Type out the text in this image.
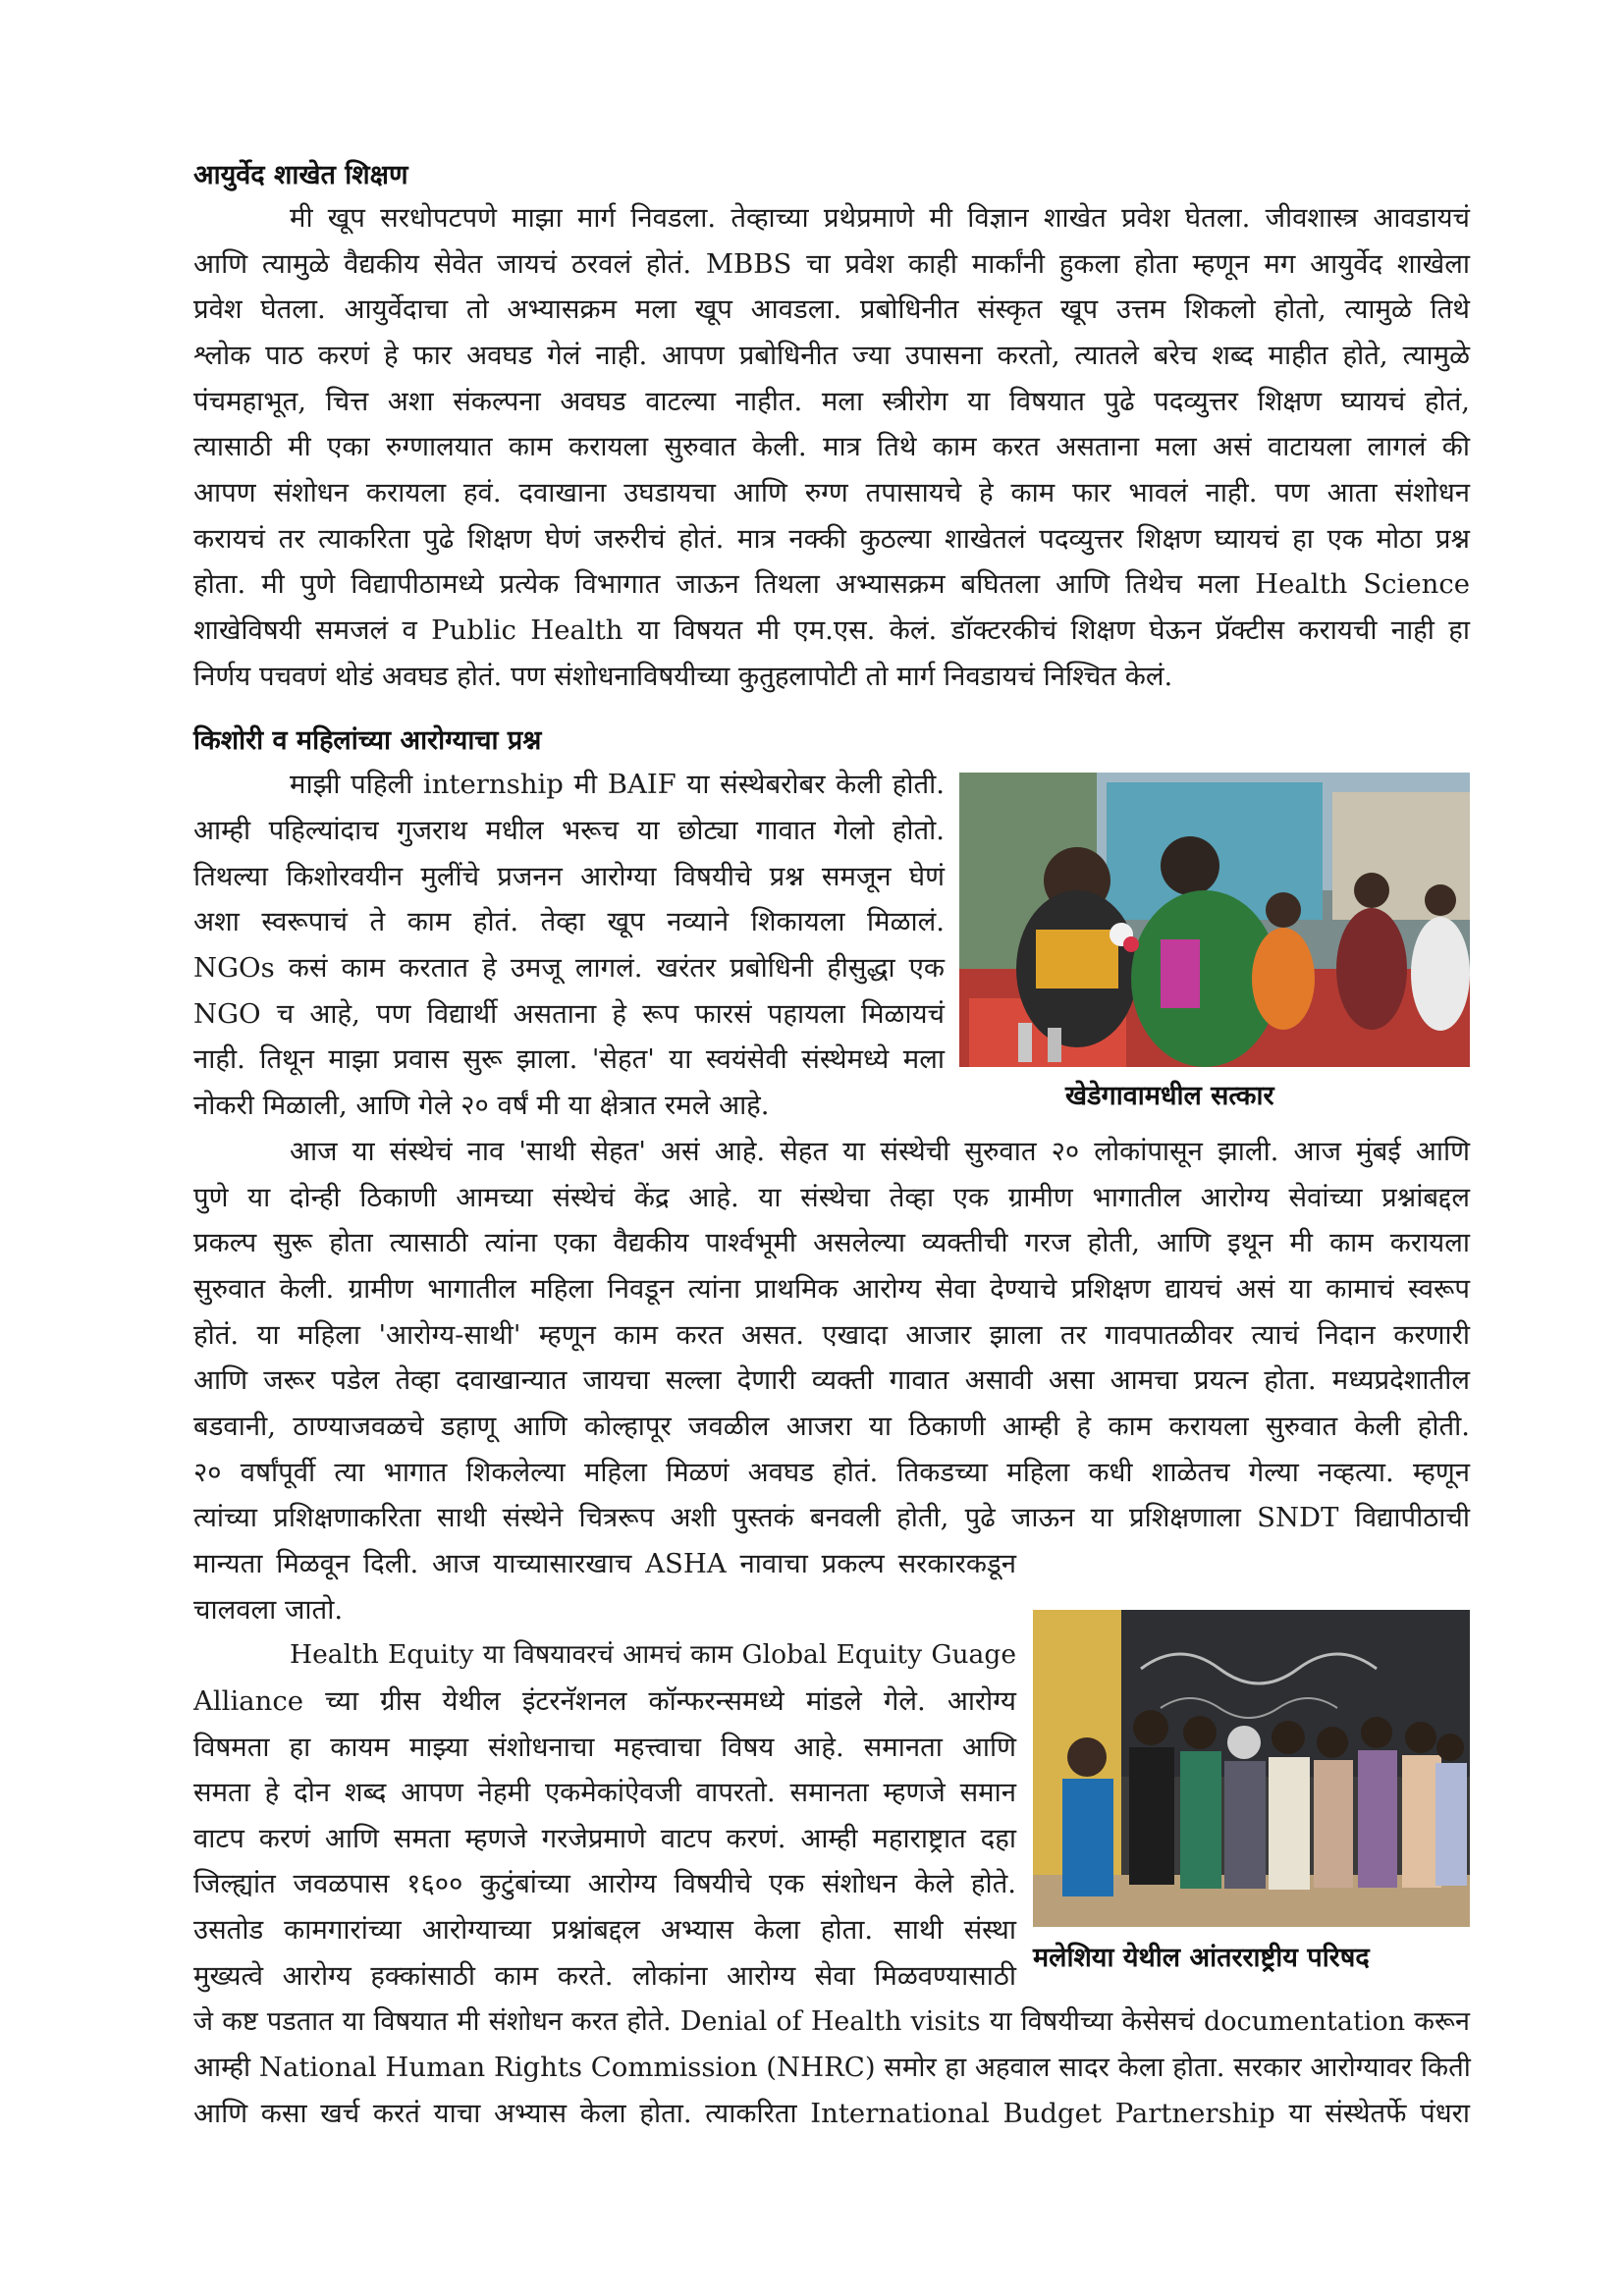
आयुर्वेद शाखेत शिक्षण
मी खूप सरधोपटपणे माझा मार्ग निवडला. तेव्हाच्या प्रथेप्रमाणे मी विज्ञान शाखेत प्रवेश घेतला. जीवशास्त्र आवडायचं
आणि त्यामुळे वैद्यकीय सेवेत जायचं ठरवलं होतं. MBBS चा प्रवेश काही मार्कांनी हुकला होता म्हणून मग आयुर्वेद शाखेला
प्रवेश घेतला. आयुर्वेदाचा तो अभ्यासक्रम मला खूप आवडला. प्रबोधिनीत संस्कृत खूप उत्तम शिकलो होतो, त्यामुळे तिथे
श्लोक पाठ करणं हे फार अवघड गेलं नाही. आपण प्रबोधिनीत ज्या उपासना करतो, त्यातले बरेच शब्द माहीत होते, त्यामुळे
पंचमहाभूत, चित्त अशा संकल्पना अवघड वाटल्या नाहीत. मला स्त्रीरोग या विषयात पुढे पदव्युत्तर शिक्षण घ्यायचं होतं,
त्यासाठी मी एका रुग्णालयात काम करायला सुरुवात केली. मात्र तिथे काम करत असताना मला असं वाटायला लागलं की
आपण संशोधन करायला हवं. दवाखाना उघडायचा आणि रुग्ण तपासायचे हे काम फार भावलं नाही. पण आता संशोधन
करायचं तर त्याकरिता पुढे शिक्षण घेणं जरुरीचं होतं. मात्र नक्की कुठल्या शाखेतलं पदव्युत्तर शिक्षण घ्यायचं हा एक मोठा प्रश्न
होता. मी पुणे विद्यापीठामध्ये प्रत्येक विभागात जाऊन तिथला अभ्यासक्रम बघितला आणि तिथेच मला Health Science
शाखेविषयी समजलं व Public Health या विषयत मी एम.एस. केलं. डॉक्टरकीचं शिक्षण घेऊन प्रॅक्टीस करायची नाही हा
निर्णय पचवणं थोडं अवघड होतं. पण संशोधनाविषयीच्या कुतुहलापोटी तो मार्ग निवडायचं निश्चित केलं.
किशोरी व महिलांच्या आरोग्याचा प्रश्न
माझी पहिली internship मी BAIF या संस्थेबरोबर केली होती.
आम्ही पहिल्यांदाच गुजराथ मधील भरूच या छोट्या गावात गेलो होतो.
तिथल्या किशोरवयीन मुलींचे प्रजनन आरोग्या विषयीचे प्रश्न समजून घेणं
अशा स्वरूपाचं ते काम होतं. तेव्हा खूप नव्याने शिकायला मिळालं.
NGOs कसं काम करतात हे उमजू लागलं. खरंतर प्रबोधिनी हीसुद्धा एक
NGO च आहे, पण विद्यार्थी असताना हे रूप फारसं पहायला मिळायचं
नाही. तिथून माझा प्रवास सुरू झाला. 'सेहत' या स्वयंसेवी संस्थेमध्ये मला
नोकरी मिळाली, आणि गेले २० वर्षं मी या क्षेत्रात रमले आहे.	खेडेगावामधील सत्कार
आज या संस्थेचं नाव 'साथी सेहत' असं आहे. सेहत या संस्थेची सुरुवात २० लोकांपासून झाली. आज मुंबई आणि
पुणे या दोन्ही ठिकाणी आमच्या संस्थेचं केंद्र आहे. या संस्थेचा तेव्हा एक ग्रामीण भागातील आरोग्य सेवांच्या प्रश्नांबद्दल
प्रकल्प सुरू होता त्यासाठी त्यांना एका वैद्यकीय पार्श्वभूमी असलेल्या व्यक्तीची गरज होती, आणि इथून मी काम करायला
सुरुवात केली. ग्रामीण भागातील महिला निवडून त्यांना प्राथमिक आरोग्य सेवा देण्याचे प्रशिक्षण द्यायचं असं या कामाचं स्वरूप
होतं. या महिला 'आरोग्य-साथी' म्हणून काम करत असत. एखादा आजार झाला तर गावपातळीवर त्याचं निदान करणारी
आणि जरूर पडेल तेव्हा दवाखान्यात जायचा सल्ला देणारी व्यक्ती गावात असावी असा आमचा प्रयत्न होता. मध्यप्रदेशातील
बडवानी, ठाण्याजवळचे डहाणू आणि कोल्हापूर जवळील आजरा या ठिकाणी आम्ही हे काम करायला सुरुवात केली होती.
२० वर्षांपूर्वी त्या भागात शिकलेल्या महिला मिळणं अवघड होतं. तिकडच्या महिला कधी शाळेतच गेल्या नव्हत्या. म्हणून
त्यांच्या प्रशिक्षणाकरिता साथी संस्थेने चित्ररूप अशी पुस्तकं बनवली होती, पुढे जाऊन या प्रशिक्षणाला SNDT विद्यापीठाची
मान्यता मिळवून दिली. आज याच्यासारखाच ASHA नावाचा प्रकल्प सरकारकडून
चालवला जातो.
Health Equity या विषयावरचं आमचं काम Global Equity Guage
Alliance च्या ग्रीस येथील इंटरनॅशनल कॉन्फरन्समध्ये मांडले गेले. आरोग्य
विषमता हा कायम माझ्या संशोधनाचा महत्त्वाचा विषय आहे. समानता आणि
समता हे दोन शब्द आपण नेहमी एकमेकांऐवजी वापरतो. समानता म्हणजे समान
वाटप करणं आणि समता म्हणजे गरजेप्रमाणे वाटप करणं. आम्ही महाराष्ट्रात दहा
जिल्ह्यांत जवळपास १६०० कुटुंबांच्या आरोग्य विषयीचे एक संशोधन केले होते.
उसतोड कामगारांच्या आरोग्याच्या प्रश्नांबद्दल अभ्यास केला होता. साथी संस्था
मुख्यत्वे आरोग्य हक्कांसाठी काम करते. लोकांना आरोग्य सेवा मिळवण्यासाठी
मलेशिया येथील आंतरराष्ट्रीय परिषद
जे कष्ट पडतात या विषयात मी संशोधन करत होते. Denial of Health visits या विषयीच्या केसेसचं documentation करून
आम्ही National Human Rights Commission (NHRC) समोर हा अहवाल सादर केला होता. सरकार आरोग्यावर किती
आणि कसा खर्च करतं याचा अभ्यास केला होता. त्याकरिता International Budget Partnership या संस्थेतर्फे पंधरा
